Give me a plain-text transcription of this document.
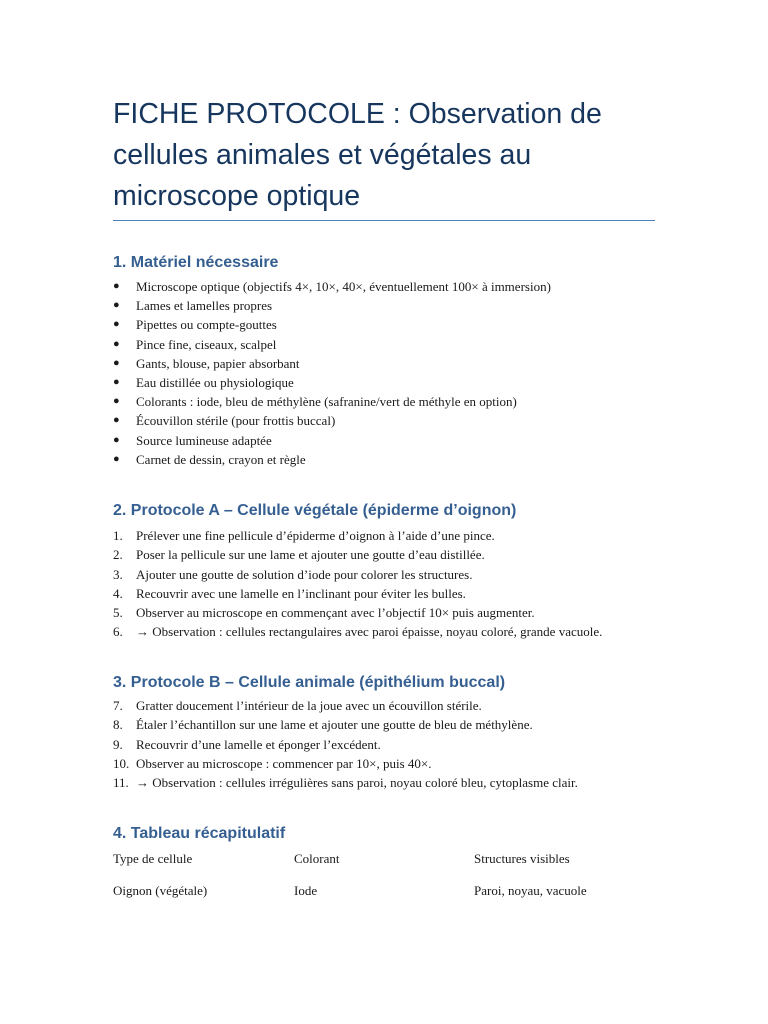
FICHE PROTOCOLE : Observation de cellules animales et végétales au microscope optique
1. Matériel nécessaire
● Microscope optique (objectifs 4×, 10×, 40×, éventuellement 100× à immersion)
● Lames et lamelles propres
● Pipettes ou compte-gouttes
● Pince fine, ciseaux, scalpel
● Gants, blouse, papier absorbant
● Eau distillée ou physiologique
● Colorants : iode, bleu de méthylène (safranine/vert de méthyle en option)
● Écouvillon stérile (pour frottis buccal)
● Source lumineuse adaptée
● Carnet de dessin, crayon et règle
2. Protocole A – Cellule végétale (épiderme d’oignon)
1. Prélever une fine pellicule d’épiderme d’oignon à l’aide d’une pince.
2. Poser la pellicule sur une lame et ajouter une goutte d’eau distillée.
3. Ajouter une goutte de solution d’iode pour colorer les structures.
4. Recouvrir avec une lamelle en l’inclinant pour éviter les bulles.
5. Observer au microscope en commençant avec l’objectif 10× puis augmenter.
6. → Observation : cellules rectangulaires avec paroi épaisse, noyau coloré, grande vacuole.
3. Protocole B – Cellule animale (épithélium buccal)
7. Gratter doucement l’intérieur de la joue avec un écouvillon stérile.
8. Étaler l’échantillon sur une lame et ajouter une goutte de bleu de méthylène.
9. Recouvrir d’une lamelle et éponger l’excédent.
10. Observer au microscope : commencer par 10×, puis 40×.
11. → Observation : cellules irrégulières sans paroi, noyau coloré bleu, cytoplasme clair.
4. Tableau récapitulatif
Type de cellule	Colorant	Structures visibles
Oignon (végétale)	Iode	Paroi, noyau, vacuole
